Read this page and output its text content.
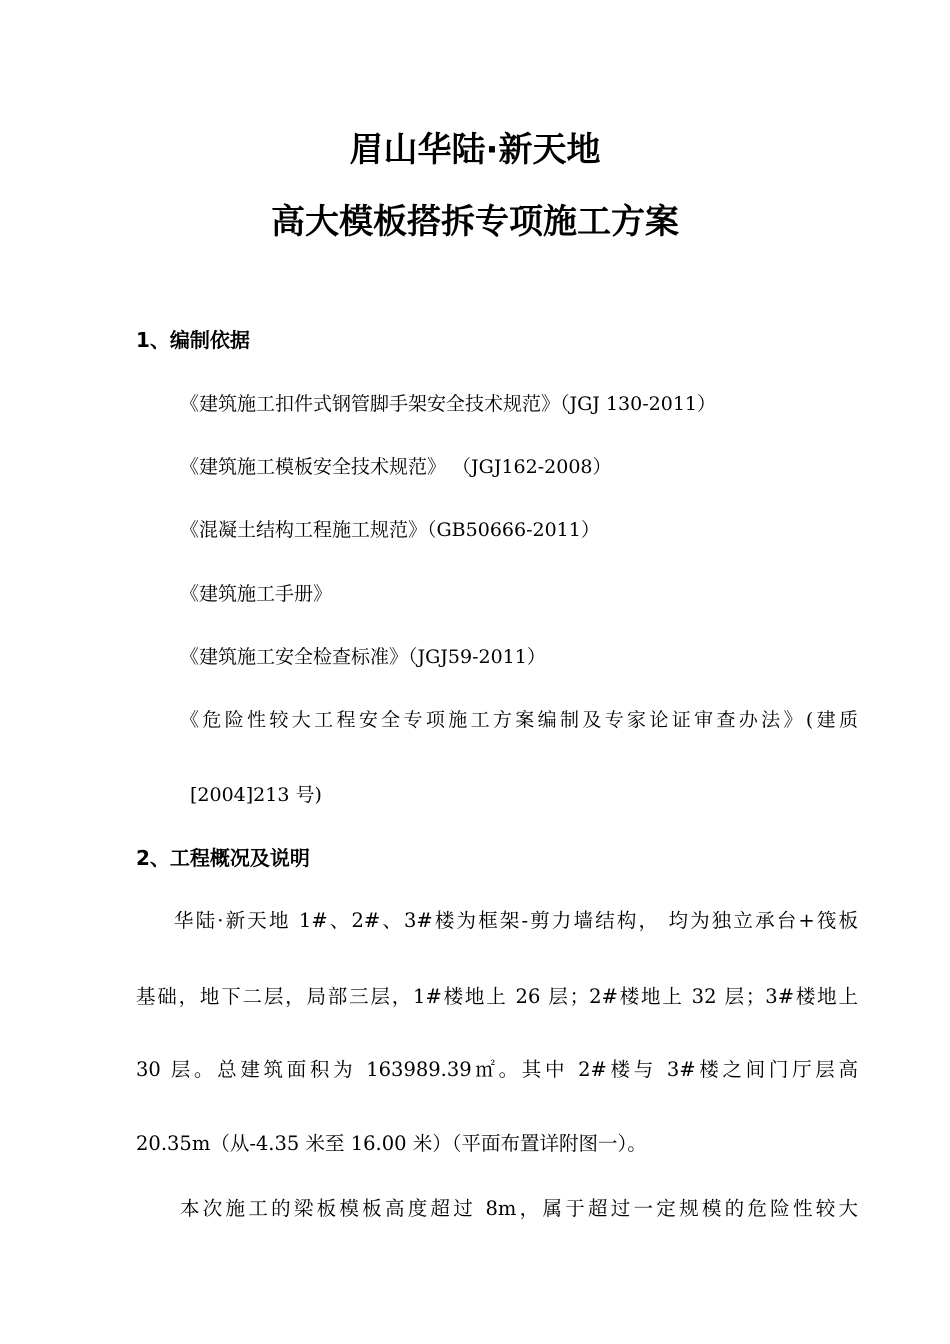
眉山华陆·新天地
高大模板搭拆专项施工方案
1、编制依据
《建筑施工扣件式钢管脚手架安全技术规范》（JGJ 130-2011）
《建筑施工模板安全技术规范》 （JGJ162-2008）
《混凝土结构工程施工规范》（GB50666-2011）
《建筑施工手册》
《建筑施工安全检查标准》（JGJ59-2011）
《危险性较大工程安全专项施工方案编制及专家论证审查办法》(建质
[2004]213 号)
2、工程概况及说明
华陆·新天地 1#、2#、3#楼为框架-剪力墙结构， 均为独立承台+筏板
基础，地下二层，局部三层，1#楼地上 26 层；2#楼地上 32 层；3#楼地上
30 层。总建筑面积为 163989.39㎡。其中 2#楼与 3#楼之间门厅层高
20.35m（从-4.35 米至 16.00 米）（平面布置详附图一）。
本次施工的梁板模板高度超过 8m，属于超过一定规模的危险性较大
